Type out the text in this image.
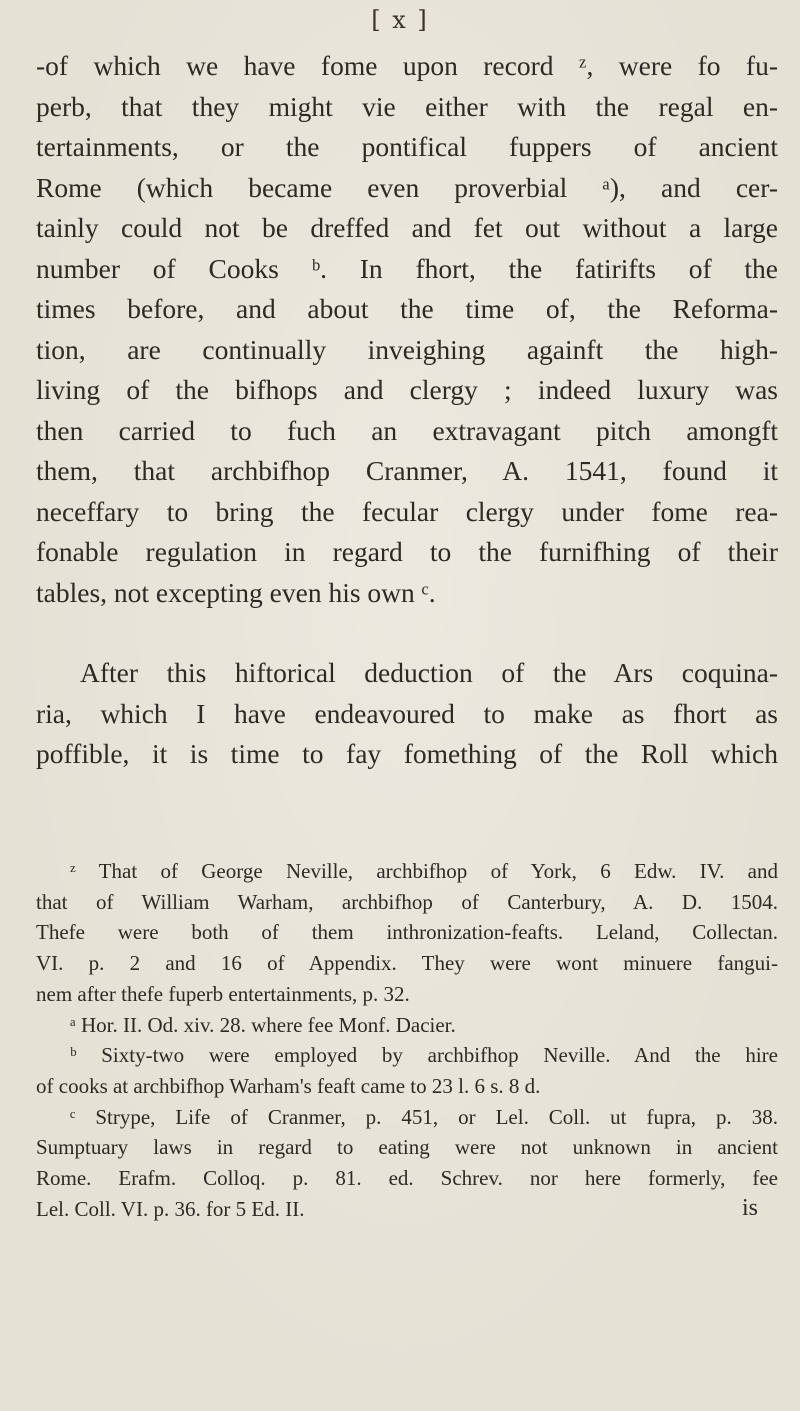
[ x ]
-of which we have fome upon record ᶻ, were fo fu-
perb, that they might vie either with the regal en-
tertainments, or the pontifical fuppers of ancient
Rome (which became even proverbial ᵃ), and cer-
tainly could not be dreffed and fet out without a large
number of Cooks ᵇ. In fhort, the fatirifts of the
times before, and about the time of, the Reforma-
tion, are continually inveighing againft the high-
living of the bifhops and clergy ; indeed luxury was
then carried to fuch an extravagant pitch amongft
them, that archbifhop Cranmer, A. 1541, found it
neceffary to bring the fecular clergy under fome rea-
fonable regulation in regard to the furnifhing of their
tables, not excepting even his own ᶜ.
After this hiftorical deduction of the Ars coquina-
ria, which I have endeavoured to make as fhort as
poffible, it is time to fay fomething of the Roll which
ᶻ That of George Neville, archbifhop of York, 6 Edw. IV. and
that of William Warham, archbifhop of Canterbury, A. D. 1504.
Thefe were both of them inthronization-feafts. Leland, Collectan.
VI. p. 2 and 16 of Appendix. They were wont minuere fangui-
nem after thefe fuperb entertainments, p. 32.
ᵃ Hor. II. Od. xiv. 28. where fee Monf. Dacier.
ᵇ Sixty-two were employed by archbifhop Neville. And the hire
of cooks at archbifhop Warham's feaft came to 23 l. 6 s. 8 d.
ᶜ Strype, Life of Cranmer, p. 451, or Lel. Coll. ut fupra, p. 38.
Sumptuary laws in regard to eating were not unknown in ancient
Rome. Erafm. Colloq. p. 81. ed. Schrev. nor here formerly, fee
Lel. Coll. VI. p. 36. for 5 Ed. II.	is
